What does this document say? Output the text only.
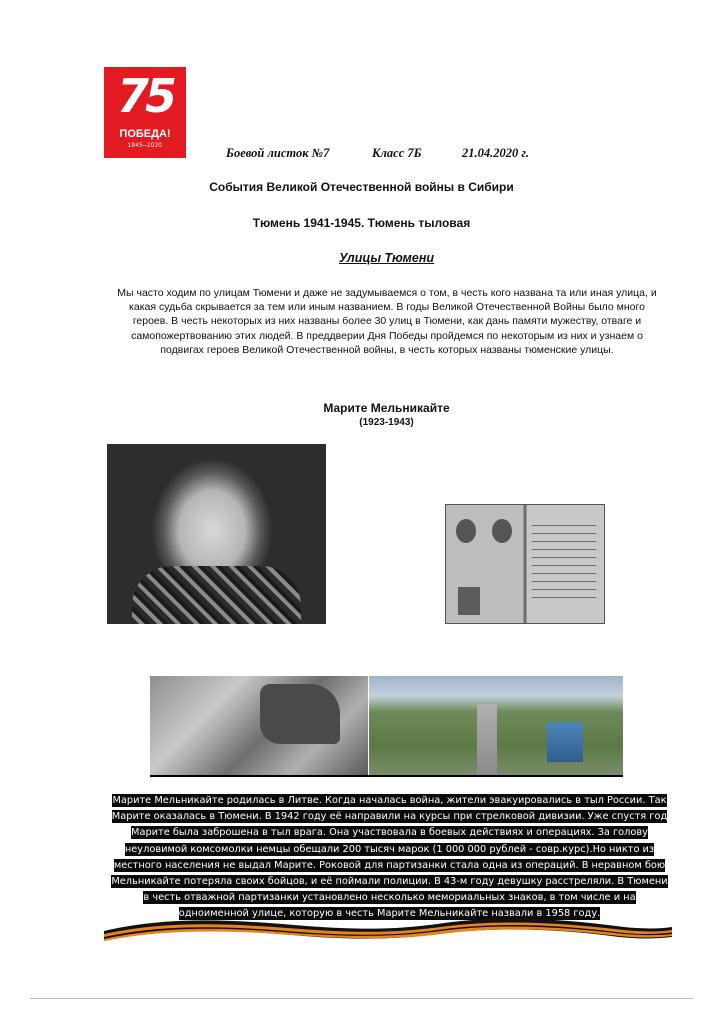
75
ПОБЕДА!
1945–2020	Боевой листок №7	Класс 7Б	21.04.2020 г.
События Великой Отечественной войны в Сибири
Тюмень 1941-1945. Тюмень тыловая
Улицы Тюмени
Мы часто ходим по улицам Тюмени и даже не задумываемся о том, в честь кого названа та или иная улица, и какая судьба скрывается за тем или иным названием. В годы Великой Отечественной Войны было много героев. В честь некоторых из них названы более 30 улиц в Тюмени, как дань памяти мужеству, отваге и самопожертвованию этих людей. В преддверии Дня Победы пройдемся по некоторым из них и узнаем о подвигах героев Великой Отечественной войны, в честь которых названы тюменские улицы.
Марите Мельникайте
(1923-1943)
Марите Мельникайте родилась в Литве. Когда началась война, жители эвакуировались в тыл России. Так Марите оказалась в Тюмени. В 1942 году её направили на курсы при стрелковой дивизии. Уже спустя год Марите была заброшена в тыл врага. Она участвовала в боевых действиях и операциях. За голову неуловимой комсомолки немцы обещали 200 тысяч марок (1 000 000 рублей - совр.курс).Но никто из местного населения не выдал Марите. Роковой для партизанки стала одна из операций. В неравном бою Мельникайте потеряла своих бойцов, и её поймали полиции. В 43-м году девушку расстреляли. В Тюмени в честь отважной партизанки установлено несколько мемориальных знаков, в том числе и на одноименной улице, которую в честь Марите Мельникайте назвали в 1958 году.
